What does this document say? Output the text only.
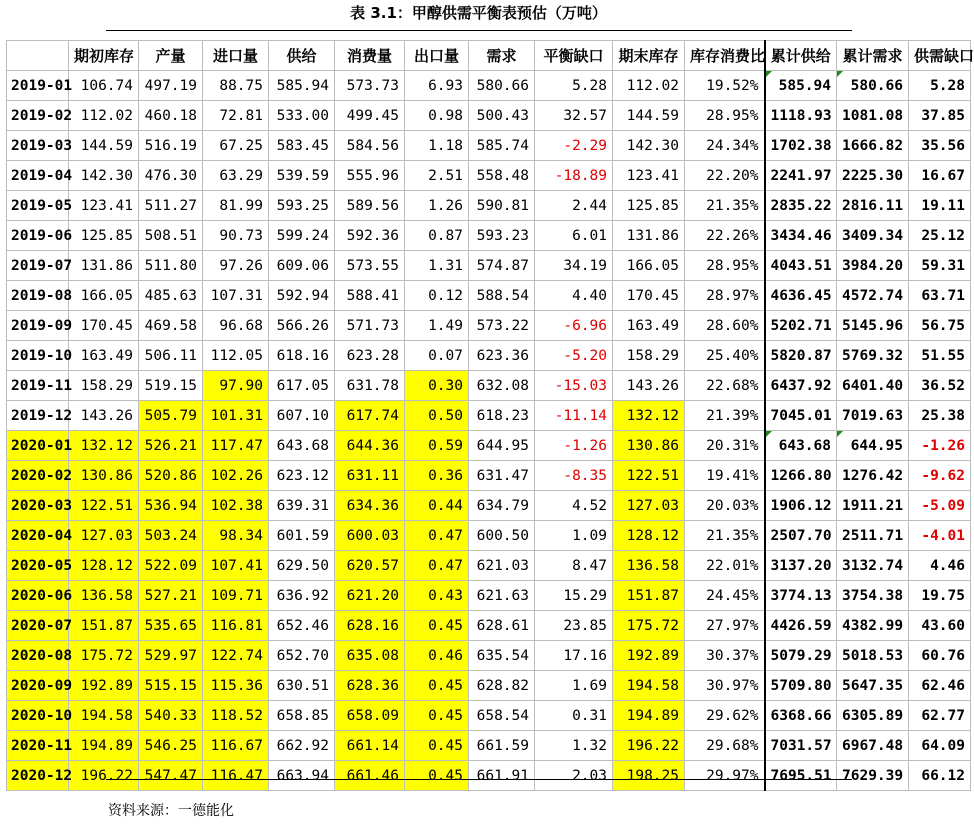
表 3.1：甲醇供需平衡表预估（万吨）
	期初库存	产量	进口量	供给	消费量	出口量	需求	平衡缺口	期末库存	库存消费比	累计供给	累计需求	供需缺口
2019-01	106.74	497.19	88.75	585.94	573.73	6.93	580.66	5.28	112.02	19.52%	585.94	580.66	5.28
2019-02	112.02	460.18	72.81	533.00	499.45	0.98	500.43	32.57	144.59	28.95%	1118.93	1081.08	37.85
2019-03	144.59	516.19	67.25	583.45	584.56	1.18	585.74	-2.29	142.30	24.34%	1702.38	1666.82	35.56
2019-04	142.30	476.30	63.29	539.59	555.96	2.51	558.48	-18.89	123.41	22.20%	2241.97	2225.30	16.67
2019-05	123.41	511.27	81.99	593.25	589.56	1.26	590.81	2.44	125.85	21.35%	2835.22	2816.11	19.11
2019-06	125.85	508.51	90.73	599.24	592.36	0.87	593.23	6.01	131.86	22.26%	3434.46	3409.34	25.12
2019-07	131.86	511.80	97.26	609.06	573.55	1.31	574.87	34.19	166.05	28.95%	4043.51	3984.20	59.31
2019-08	166.05	485.63	107.31	592.94	588.41	0.12	588.54	4.40	170.45	28.97%	4636.45	4572.74	63.71
2019-09	170.45	469.58	96.68	566.26	571.73	1.49	573.22	-6.96	163.49	28.60%	5202.71	5145.96	56.75
2019-10	163.49	506.11	112.05	618.16	623.28	0.07	623.36	-5.20	158.29	25.40%	5820.87	5769.32	51.55
2019-11	158.29	519.15	97.90	617.05	631.78	0.30	632.08	-15.03	143.26	22.68%	6437.92	6401.40	36.52
2019-12	143.26	505.79	101.31	607.10	617.74	0.50	618.23	-11.14	132.12	21.39%	7045.01	7019.63	25.38
2020-01	132.12	526.21	117.47	643.68	644.36	0.59	644.95	-1.26	130.86	20.31%	643.68	644.95	-1.26
2020-02	130.86	520.86	102.26	623.12	631.11	0.36	631.47	-8.35	122.51	19.41%	1266.80	1276.42	-9.62
2020-03	122.51	536.94	102.38	639.31	634.36	0.44	634.79	4.52	127.03	20.03%	1906.12	1911.21	-5.09
2020-04	127.03	503.24	98.34	601.59	600.03	0.47	600.50	1.09	128.12	21.35%	2507.70	2511.71	-4.01
2020-05	128.12	522.09	107.41	629.50	620.57	0.47	621.03	8.47	136.58	22.01%	3137.20	3132.74	4.46
2020-06	136.58	527.21	109.71	636.92	621.20	0.43	621.63	15.29	151.87	24.45%	3774.13	3754.38	19.75
2020-07	151.87	535.65	116.81	652.46	628.16	0.45	628.61	23.85	175.72	27.97%	4426.59	4382.99	43.60
2020-08	175.72	529.97	122.74	652.70	635.08	0.46	635.54	17.16	192.89	30.37%	5079.29	5018.53	60.76
2020-09	192.89	515.15	115.36	630.51	628.36	0.45	628.82	1.69	194.58	30.97%	5709.80	5647.35	62.46
2020-10	194.58	540.33	118.52	658.85	658.09	0.45	658.54	0.31	194.89	29.62%	6368.66	6305.89	62.77
2020-11	194.89	546.25	116.67	662.92	661.14	0.45	661.59	1.32	196.22	29.68%	7031.57	6967.48	64.09
2020-12	196.22	547.47	116.47	663.94	661.46	0.45	661.91	2.03	198.25	29.97%	7695.51	7629.39	66.12
资料来源：一德能化
